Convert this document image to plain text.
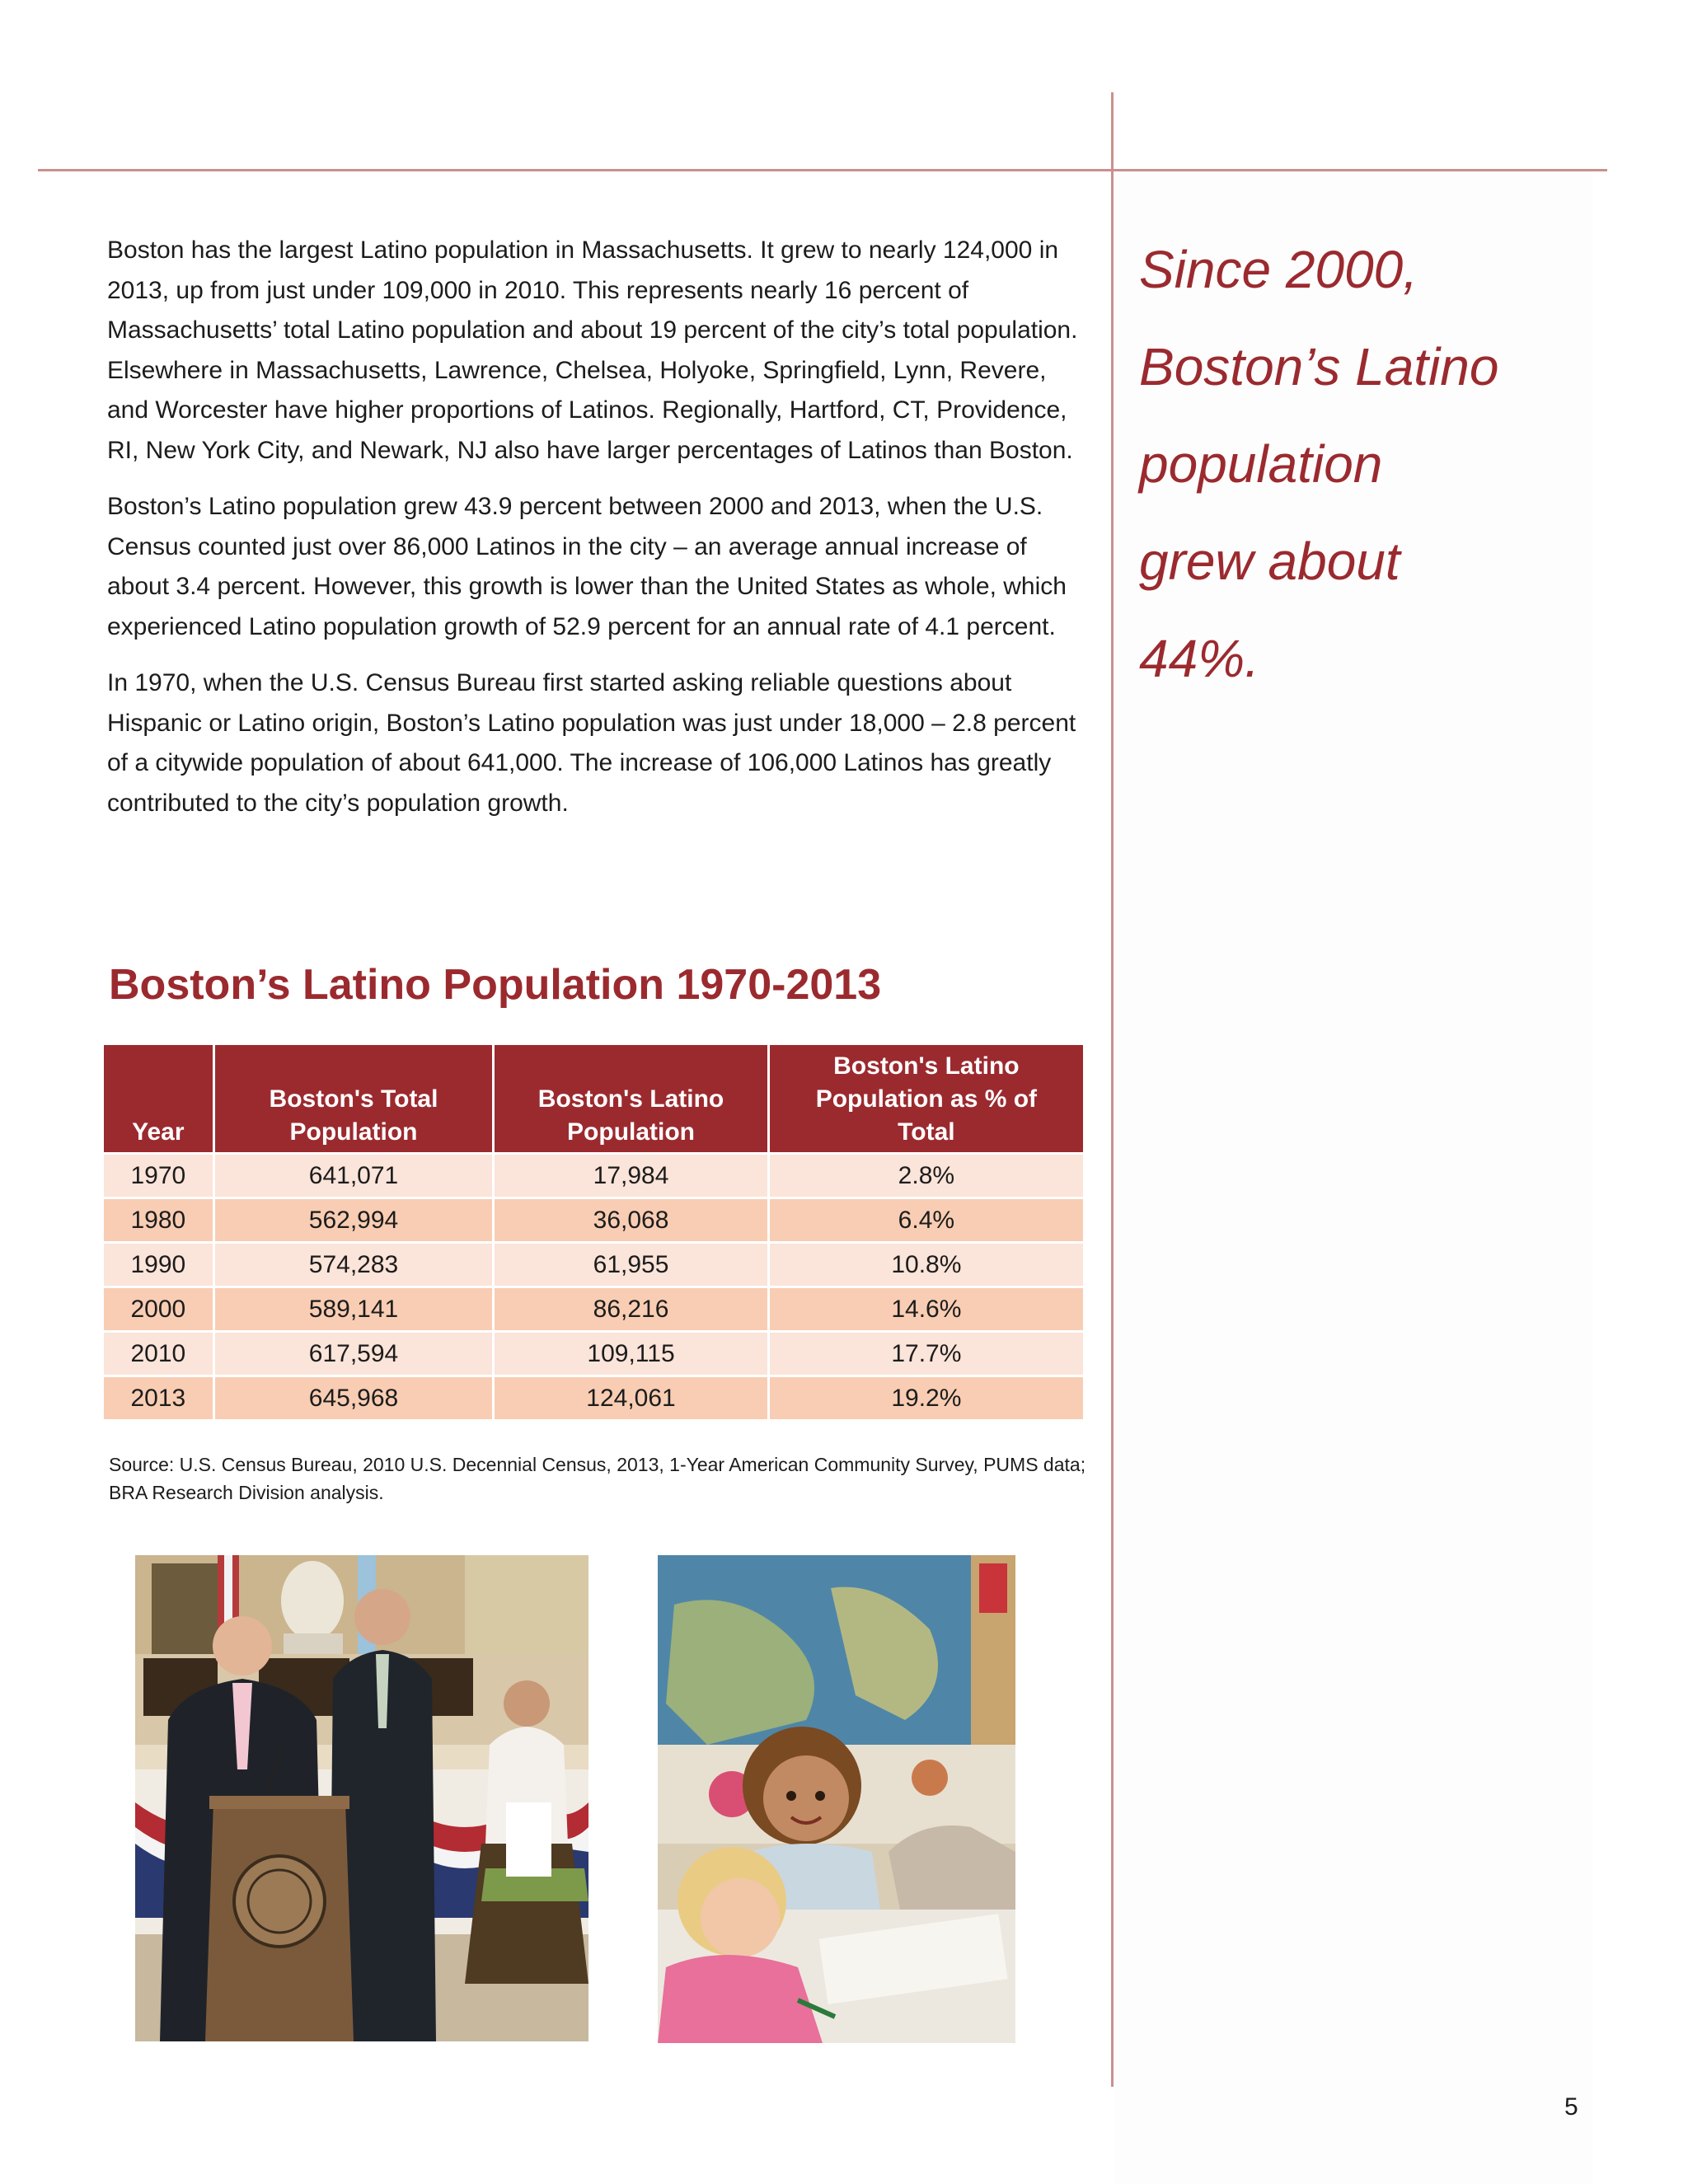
Boston has the largest Latino population in Massachusetts. It grew to nearly 124,000 in 2013, up from just under 109,000 in 2010. This represents nearly 16 percent of Massachusetts’ total Latino population and about 19 percent of the city’s total population. Elsewhere in Massachusetts, Lawrence, Chelsea, Holyoke, Springfield, Lynn, Revere, and Worcester have higher proportions of Latinos. Regionally, Hartford, CT, Providence, RI, New York City, and Newark, NJ also have larger percentages of Latinos than Boston.

Boston’s Latino population grew 43.9 percent between 2000 and 2013, when the U.S. Census counted just over 86,000 Latinos in the city – an average annual increase of about 3.4 percent. However, this growth is lower than the United States as whole, which experienced Latino population growth of 52.9 percent for an annual rate of 4.1 percent.

In 1970, when the U.S. Census Bureau first started asking reliable questions about Hispanic or Latino origin, Boston’s Latino population was just under 18,000 – 2.8 percent of a citywide population of about 641,000. The increase of 106,000 Latinos has greatly contributed to the city’s population growth.

Since 2000,
Boston’s Latino
population
grew about
44%.
Boston’s Latino Population 1970-2013
Year	Boston's Total Population	Boston's Latino Population	Boston's Latino Population as % of Total
1970	641,071	17,984	2.8%
1980	562,994	36,068	6.4%
1990	574,283	61,955	10.8%
2000	589,141	86,216	14.6%
2010	617,594	109,115	17.7%
2013	645,968	124,061	19.2%

Source: U.S. Census Bureau, 2010 U.S. Decennial Census, 2013, 1-Year American Community Survey, PUMS data; BRA Research Division analysis.

5
